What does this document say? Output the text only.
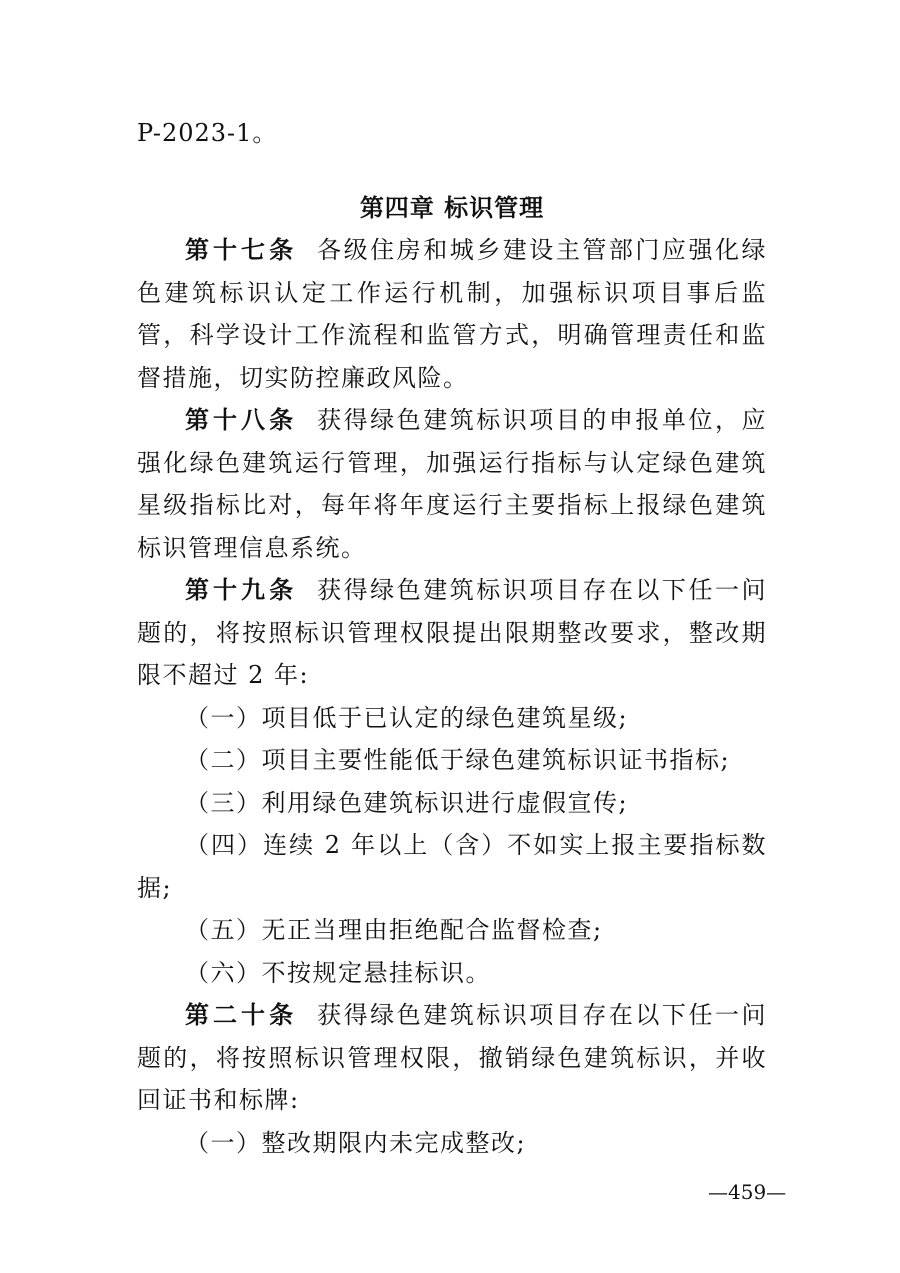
P-2023-1。

第四章 标识管理

第十七条 各级住房和城乡建设主管部门应强化绿色建筑标识认定工作运行机制，加强标识项目事后监管，科学设计工作流程和监管方式，明确管理责任和监督措施，切实防控廉政风险。

第十八条 获得绿色建筑标识项目的申报单位，应强化绿色建筑运行管理，加强运行指标与认定绿色建筑星级指标比对，每年将年度运行主要指标上报绿色建筑标识管理信息系统。

第十九条 获得绿色建筑标识项目存在以下任一问题的，将按照标识管理权限提出限期整改要求，整改期限不超过 2 年:

（一）项目低于已认定的绿色建筑星级;

（二）项目主要性能低于绿色建筑标识证书指标;

（三）利用绿色建筑标识进行虚假宣传;

（四）连续 2 年以上（含）不如实上报主要指标数据;

（五）无正当理由拒绝配合监督检查;

（六）不按规定悬挂标识。

第二十条 获得绿色建筑标识项目存在以下任一问题的，将按照标识管理权限，撤销绿色建筑标识，并收回证书和标牌:

（一）整改期限内未完成整改;

—459—
